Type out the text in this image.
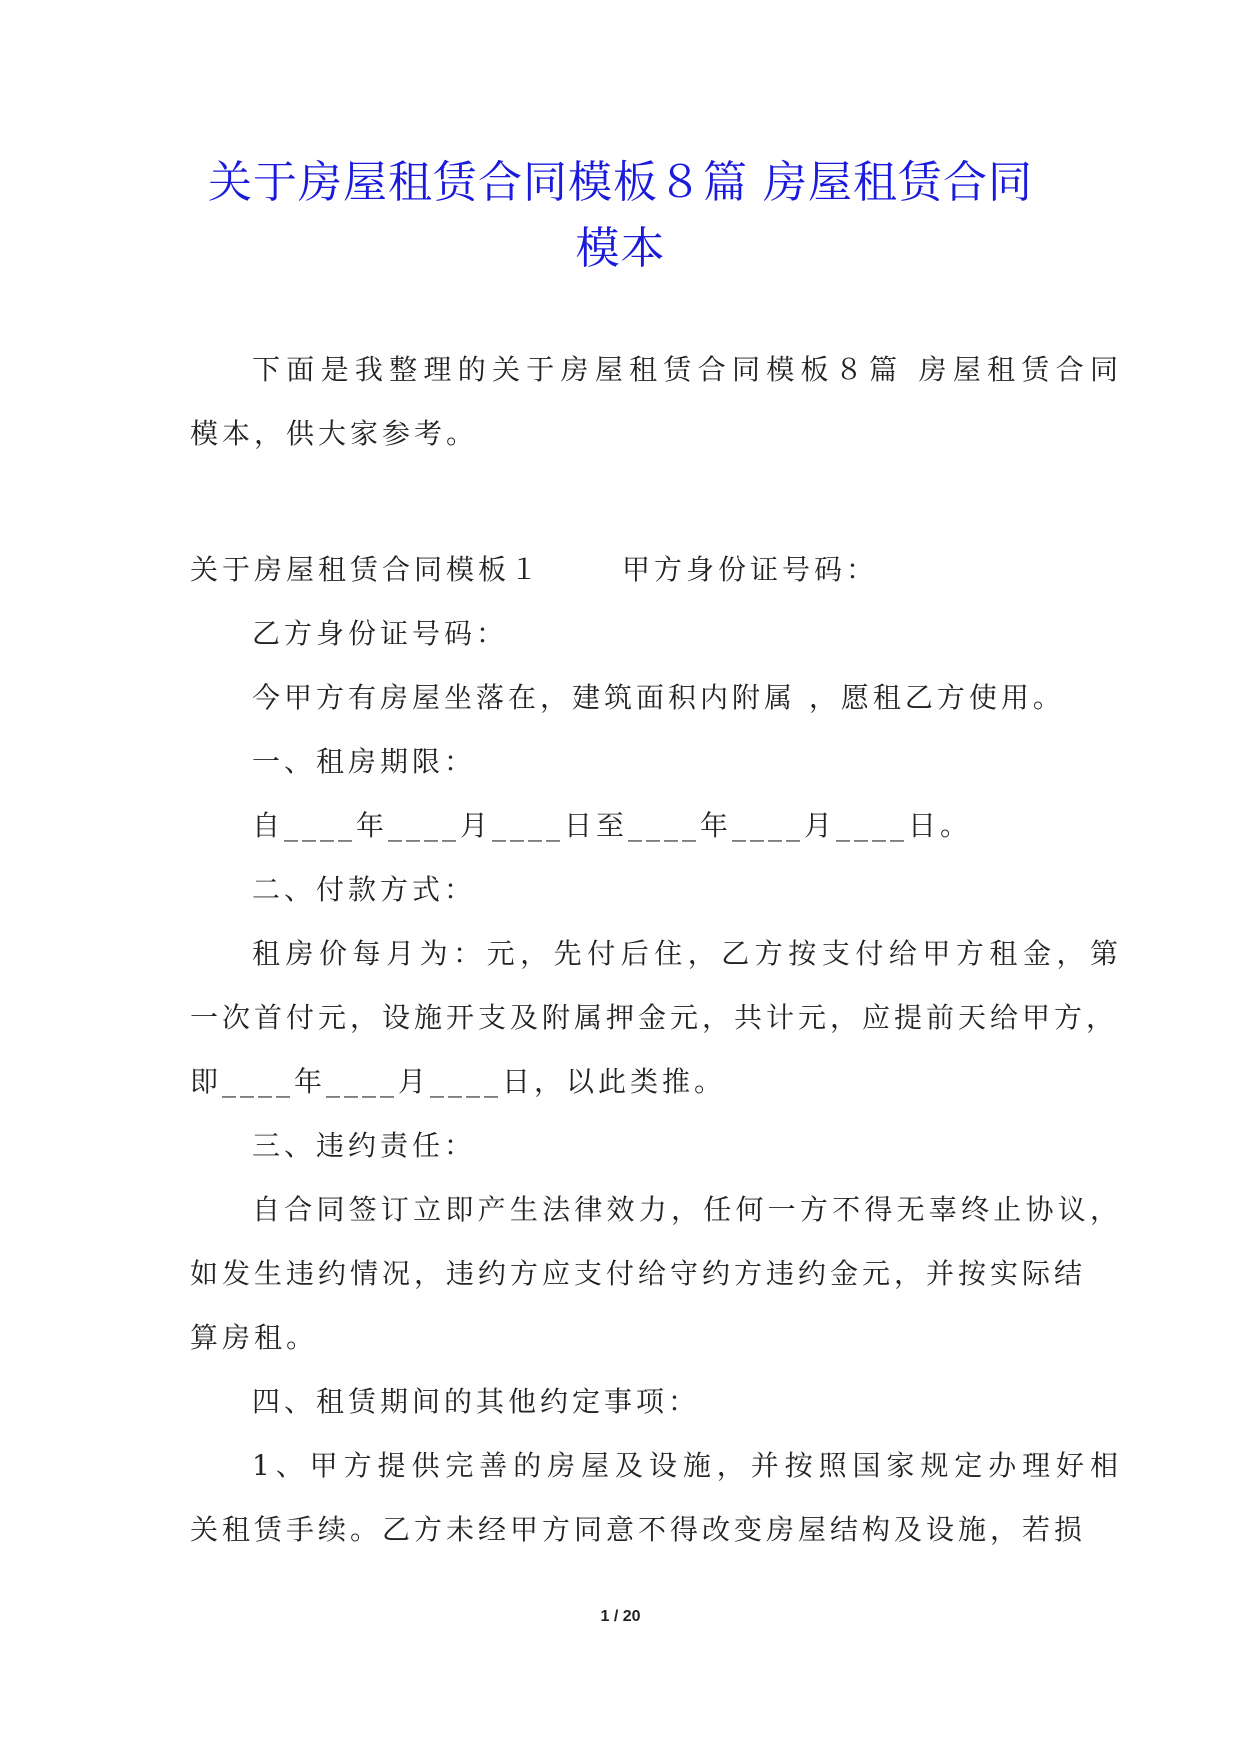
关于房屋租赁合同模板８篇 房屋租赁合同
模本
下面是我整理的关于房屋租赁合同模板８篇 房屋租赁合同
模本，供大家参考。
关于房屋租赁合同模板１	甲方身份证号码：
乙方身份证号码：
今甲方有房屋坐落在，建筑面积内附属 ，愿租乙方使用。
一、租房期限：
自____年____月____日至____年____月____日。
二、付款方式：
租房价每月为：元，先付后住，乙方按支付给甲方租金，第
一次首付元，设施开支及附属押金元，共计元，应提前天给甲方，
即____年____月____日，以此类推。
三、违约责任：
自合同签订立即产生法律效力，任何一方不得无辜终止协议，
如发生违约情况，违约方应支付给守约方违约金元，并按实际结
算房租。
四、租赁期间的其他约定事项：
1、甲方提供完善的房屋及设施，并按照国家规定办理好相
关租赁手续。乙方未经甲方同意不得改变房屋结构及设施，若损
1 / 20
